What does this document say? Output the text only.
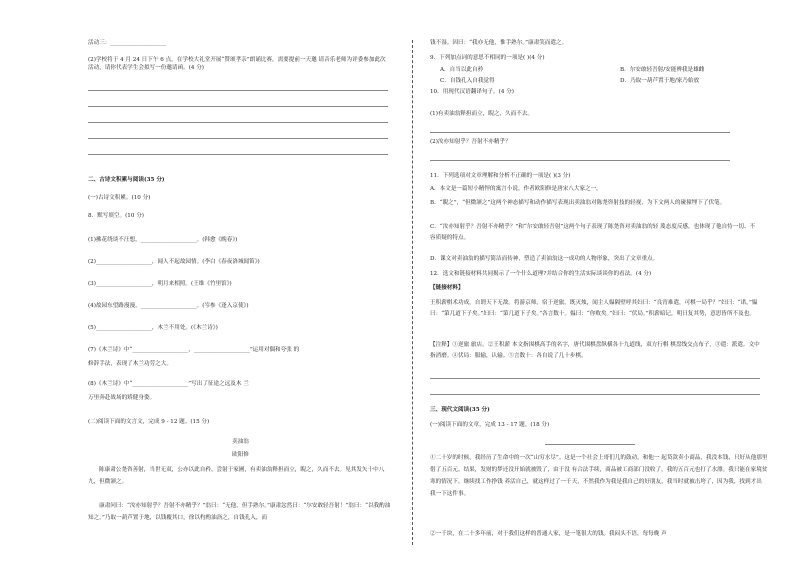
活动三：____________________
(2)学校将于 4 月 24 日下午 6 点，在学校大礼堂开展“赞颂孝亲”朗诵比赛，需要提前一天邀 请音乐老师为评委参加此次活动，请你代表学生会拟写一份邀请函。(4 分)
二、古诗文积累与阅读(35 分)
(一)古诗文积累。(10 分)
8．默写填空。(10 分)
(1)拂花绕谈不汪想，____________________。(韩愈《晚春》)
(2)____________________，闻人不起故园情。(李白《春夜洛城闻笛》)
(3)____________________，明月来相照。(王维《竹里馆》)
(4)故园东望路漫漫，____________________。(岑参《逢入京使》)
(5)____________________，木兰不用处。(《木兰诗》)
(7)《木兰诗》中“____________________，____________________”运用对偶和夸张 的
修辞手法，表现了木兰功劳之大。
(8)《木兰诗》中“____________________”写出了征途之远及木 兰
万里奔赴战场的矫健身姿。
(二)阅读下面的文言文，完成 9 - 12 题。(15 分)
卖油翁
欧阳修
陈康肃公尧咨善射，当世无双，公亦以此自矜。尝射于家圃，有卖油翁释担而立，睨之，久而不去。见其发矢十中八九，但微颔之。
康肃问曰：“汝亦知射乎？吾射不亦精乎？”翁曰：“无他，但手熟尔。”康肃忿然曰：“尔安敢轻吾射！”翁曰：“以我酌油知之。”乃取一葫芦置于地，以钱覆其口，徐以杓酌油沥之，自钱孔入，而
钱不湿。因曰：“我亦无他，惟手熟尔。”康肃笑而遣之。
9．下列加点词的意思不相同的一项是( )(4 分)
A．自当以此自矜	B．尔安敢轻吾射/安能辨我是雄雌
C．自钱孔入自我觉得	D．乃取一葫芦置于地/家乃始放
10．用现代汉语翻译句子。(4 分)
(1)有卖油翁释担而立，睨之，久而不去。
(2)汝亦知射乎？吾射不亦精乎？
11．下列选项对文章理解和分析不正确的一项是( )(3 分)
A．本文是一篇短小精悍的寓言小说，作者欧阳修是唐宋八大家之一。
B．“睨之”，“但微颔之”这两个神态描写和动作描写表现出卖油翁对陈尧咨射技的轻视，为下文两人的碰撞埋下了伏笔。
C．“汝亦知射乎？吾射不亦精乎？”和“尔安敢轻吾射”这两个句子表现了陈尧咨对卖油翁的轻 蔑态度反感，也体现了他自恃一切、不容质疑的特点。
D．课文对卖油翁的描写简洁而传神，塑造了卖油翁这一成功的人物形象，突出了文章重点。
12．选文和链接材料共同揭示了一个什么道理?并结合你的生活实际谈谈你的看法。(4 分)
【链接材料】
王积薪棋术功成，自谓天下无敌。将游京师，宿于逆旅。既灭烛，闻主人媪隔壁呼其妇曰：“良宵难遣，可棋一局乎？”妇曰：“诺。”媪曰：“第几道下子矣。”妇曰：“第几道下子矣。”各言数十。媪曰：“你败矣。”妇曰：“伏局。”积薪暗记，明日复其势，意思皆所不及也。
【注释】①逆旅 旅店。②王积薪 本文指围棋高手的名字，唐代围棋盘纵横各十九道线，双方行棋 棋盘线交点布子，③遣：派遣。文中指消磨。④伏局：服输，认输。⑤言数十：各自说了几十步棋。
三、现代文阅读(35 分)
(一)阅读下面的文章，完成 13 - 17 题。(18 分)
①二十岁的时候，我经历了生命中的一次“山穷水尽”。这是一个社会上哥们儿的鼓动，和他一 起贷款卖小商品，我没本钱，只好从他那里借了五百元。结果，发财的梦还没开始就被毁了，由于没 有合法手续，商品被工商部门没收了，我的五百元也打了水漂。我只能在家境贫寒的情况下，继续找工作挣钱 养活自己，就这样过了一千天，不然我作为我是我自己的好朋友，我当时就被击垮了，因为我，找到才出 我一下这件事。
②一千块，在二十多年前，对于我们这样的普通人家，是一笔很大的钱。我闷头不语，每每晚 声
